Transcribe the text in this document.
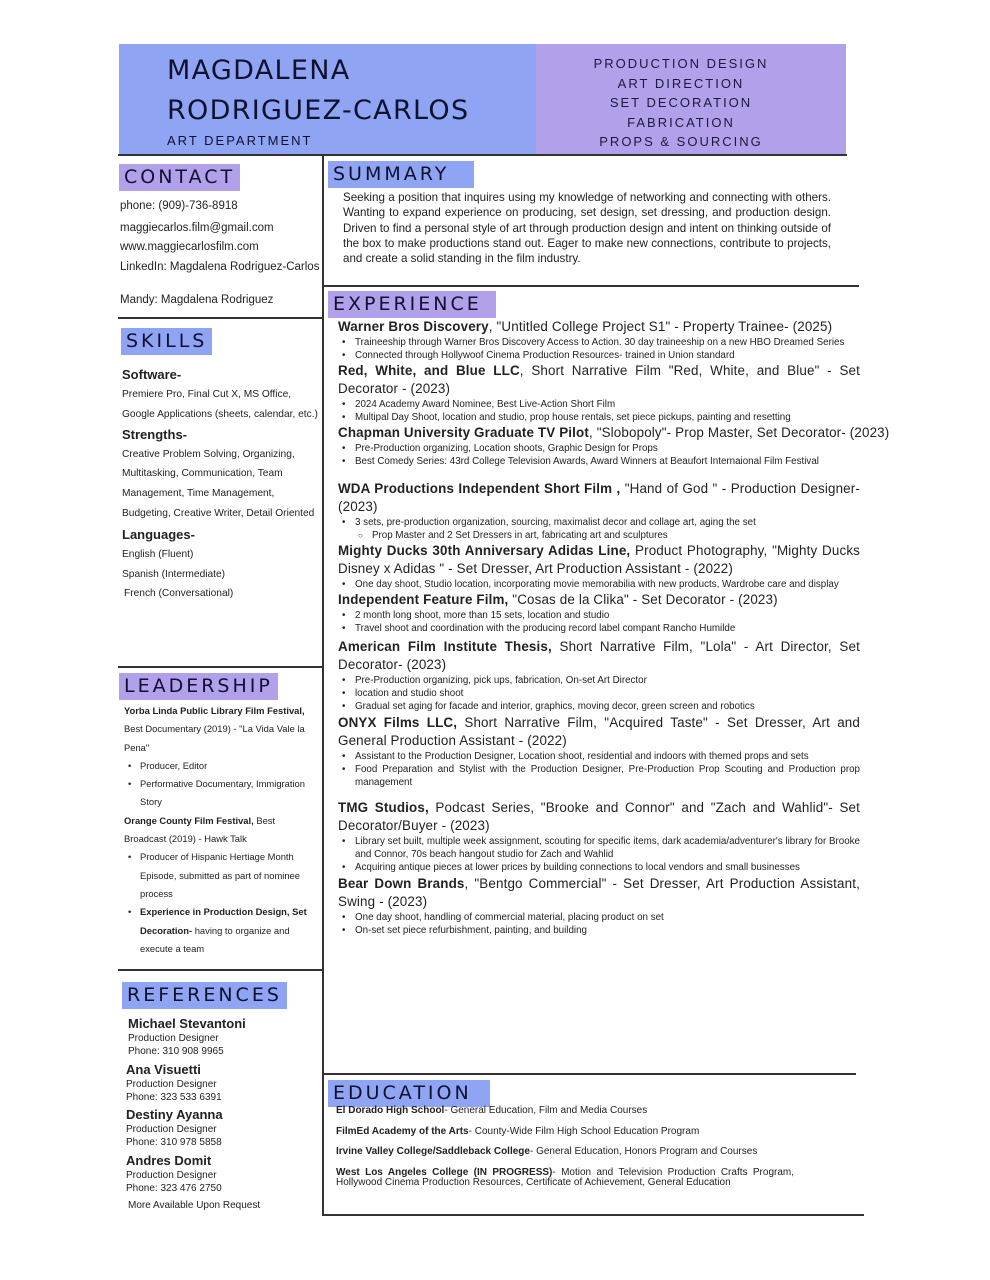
MAGDALENA
RODRIGUEZ-CARLOS
ART DEPARTMENT
PRODUCTION DESIGN
ART DIRECTION
SET DECORATION
FABRICATION
PROPS & SOURCING
CONTACT
phone: (909)-736-8918
maggiecarlos.film@gmail.com
www.maggiecarlosfilm.com
LinkedIn: Magdalena Rodriguez-Carlos
Mandy: Magdalena Rodriguez
SKILLS
Software-
Premiere Pro, Final Cut X, MS Office, Google Applications (sheets, calendar, etc.)
Strengths-
Creative Problem Solving, Organizing, Multitasking, Communication, Team Management, Time Management, Budgeting, Creative Writer, Detail Oriented
Languages-
English (Fluent)
Spanish (Intermediate)
French (Conversational)
LEADERSHIP
Yorba Linda Public Library Film Festival, Best Documentary (2019) - "La Vida Vale la Pena"
• Producer, Editor
• Performative Documentary, Immigration Story
Orange County Film Festival, Best Broadcast (2019) - Hawk Talk
• Producer of Hispanic Hertiage Month Episode, submitted as part of nominee process
• Experience in Production Design, Set Decoration- having to organize and execute a team
REFERENCES
Michael Stevantoni
Production Designer
Phone: 310 908 9965
Ana Visuetti
Production Designer
Phone: 323 533 6391
Destiny Ayanna
Production Designer
Phone: 310 978 5858
Andres Domit
Production Designer
Phone: 323 476 2750
More Available Upon Request
SUMMARY
Seeking a position that inquires using my knowledge of networking and connecting with others. Wanting to expand experience on producing, set design, set dressing, and production design. Driven to find a personal style of art through production design and intent on thinking outside of the box to make productions stand out. Eager to make new connections, contribute to projects, and create a solid standing in the film industry.
EXPERIENCE
Warner Bros Discovery, "Untitled College Project S1" - Property Trainee- (2025)
• Traineeship through Warner Bros Discovery Access to Action. 30 day traineeship on a new HBO Dreamed Series
• Connected through Hollywoof Cinema Production Resources- trained in Union standard
Red, White, and Blue LLC, Short Narrative Film "Red, White, and Blue" - Set Decorator - (2023)
• 2024 Academy Award Nominee, Best Live-Action Short Film
• Multipal Day Shoot, location and studio, prop house rentals, set piece pickups, painting and resetting
Chapman University Graduate TV Pilot, "Slobopoly"- Prop Master, Set Decorator- (2023)
• Pre-Production organizing, Location shoots, Graphic Design for Props
• Best Comedy Series: 43rd College Television Awards, Award Winners at Beaufort Internaional Film Festival
WDA Productions Independent Short Film , "Hand of God " - Production Designer- (2023)
• 3 sets, pre-production organization, sourcing, maximalist decor and collage art, aging the set
○ Prop Master and 2 Set Dressers in art, fabricating art and sculptures
Mighty Ducks 30th Anniversary Adidas Line, Product Photography, "Mighty Ducks Disney x Adidas " - Set Dresser, Art Production Assistant - (2022)
• One day shoot, Studio location, incorporating movie memorabilia with new products, Wardrobe care and display
Independent Feature Film, "Cosas de la Clika" - Set Decorator - (2023)
• 2 month long shoot, more than 15 sets, location and studio
• Travel shoot and coordination with the producing record label compant Rancho Humilde
American Film Institute Thesis, Short Narrative Film, "Lola" - Art Director, Set Decorator- (2023)
• Pre-Production organizing, pick ups, fabrication, On-set Art Director
• location and studio shoot
• Gradual set aging for facade and interior, graphics, moving decor, green screen and robotics
ONYX Films LLC, Short Narrative Film, "Acquired Taste" - Set Dresser, Art and General Production Assistant - (2022)
• Assistant to the Production Designer, Location shoot, residential and indoors with themed props and sets
• Food Preparation and Stylist with the Production Designer, Pre-Production Prop Scouting and Production prop management
TMG Studios, Podcast Series, "Brooke and Connor" and "Zach and Wahlid"- Set Decorator/Buyer - (2023)
• Library set built, multiple week assignment, scouting for specific items, dark academia/adventurer's library for Brooke and Connor, 70s beach hangout studio for Zach and Wahlid
• Acquiring antique pieces at lower prices by building connections to local vendors and small businesses
Bear Down Brands, "Bentgo Commercial" - Set Dresser, Art Production Assistant, Swing - (2023)
• One day shoot, handling of commercial material, placing product on set
• On-set set piece refurbishment, painting, and building
EDUCATION
El Dorado High School- General Education, Film and Media Courses
FilmEd Academy of the Arts- County-Wide Film High School Education Program
Irvine Valley College/Saddleback College- General Education, Honors Program and Courses
West Los Angeles College (IN PROGRESS)- Motion and Television Production Crafts Program, Hollywood Cinema Production Resources, Certificate of Achievement, General Education
